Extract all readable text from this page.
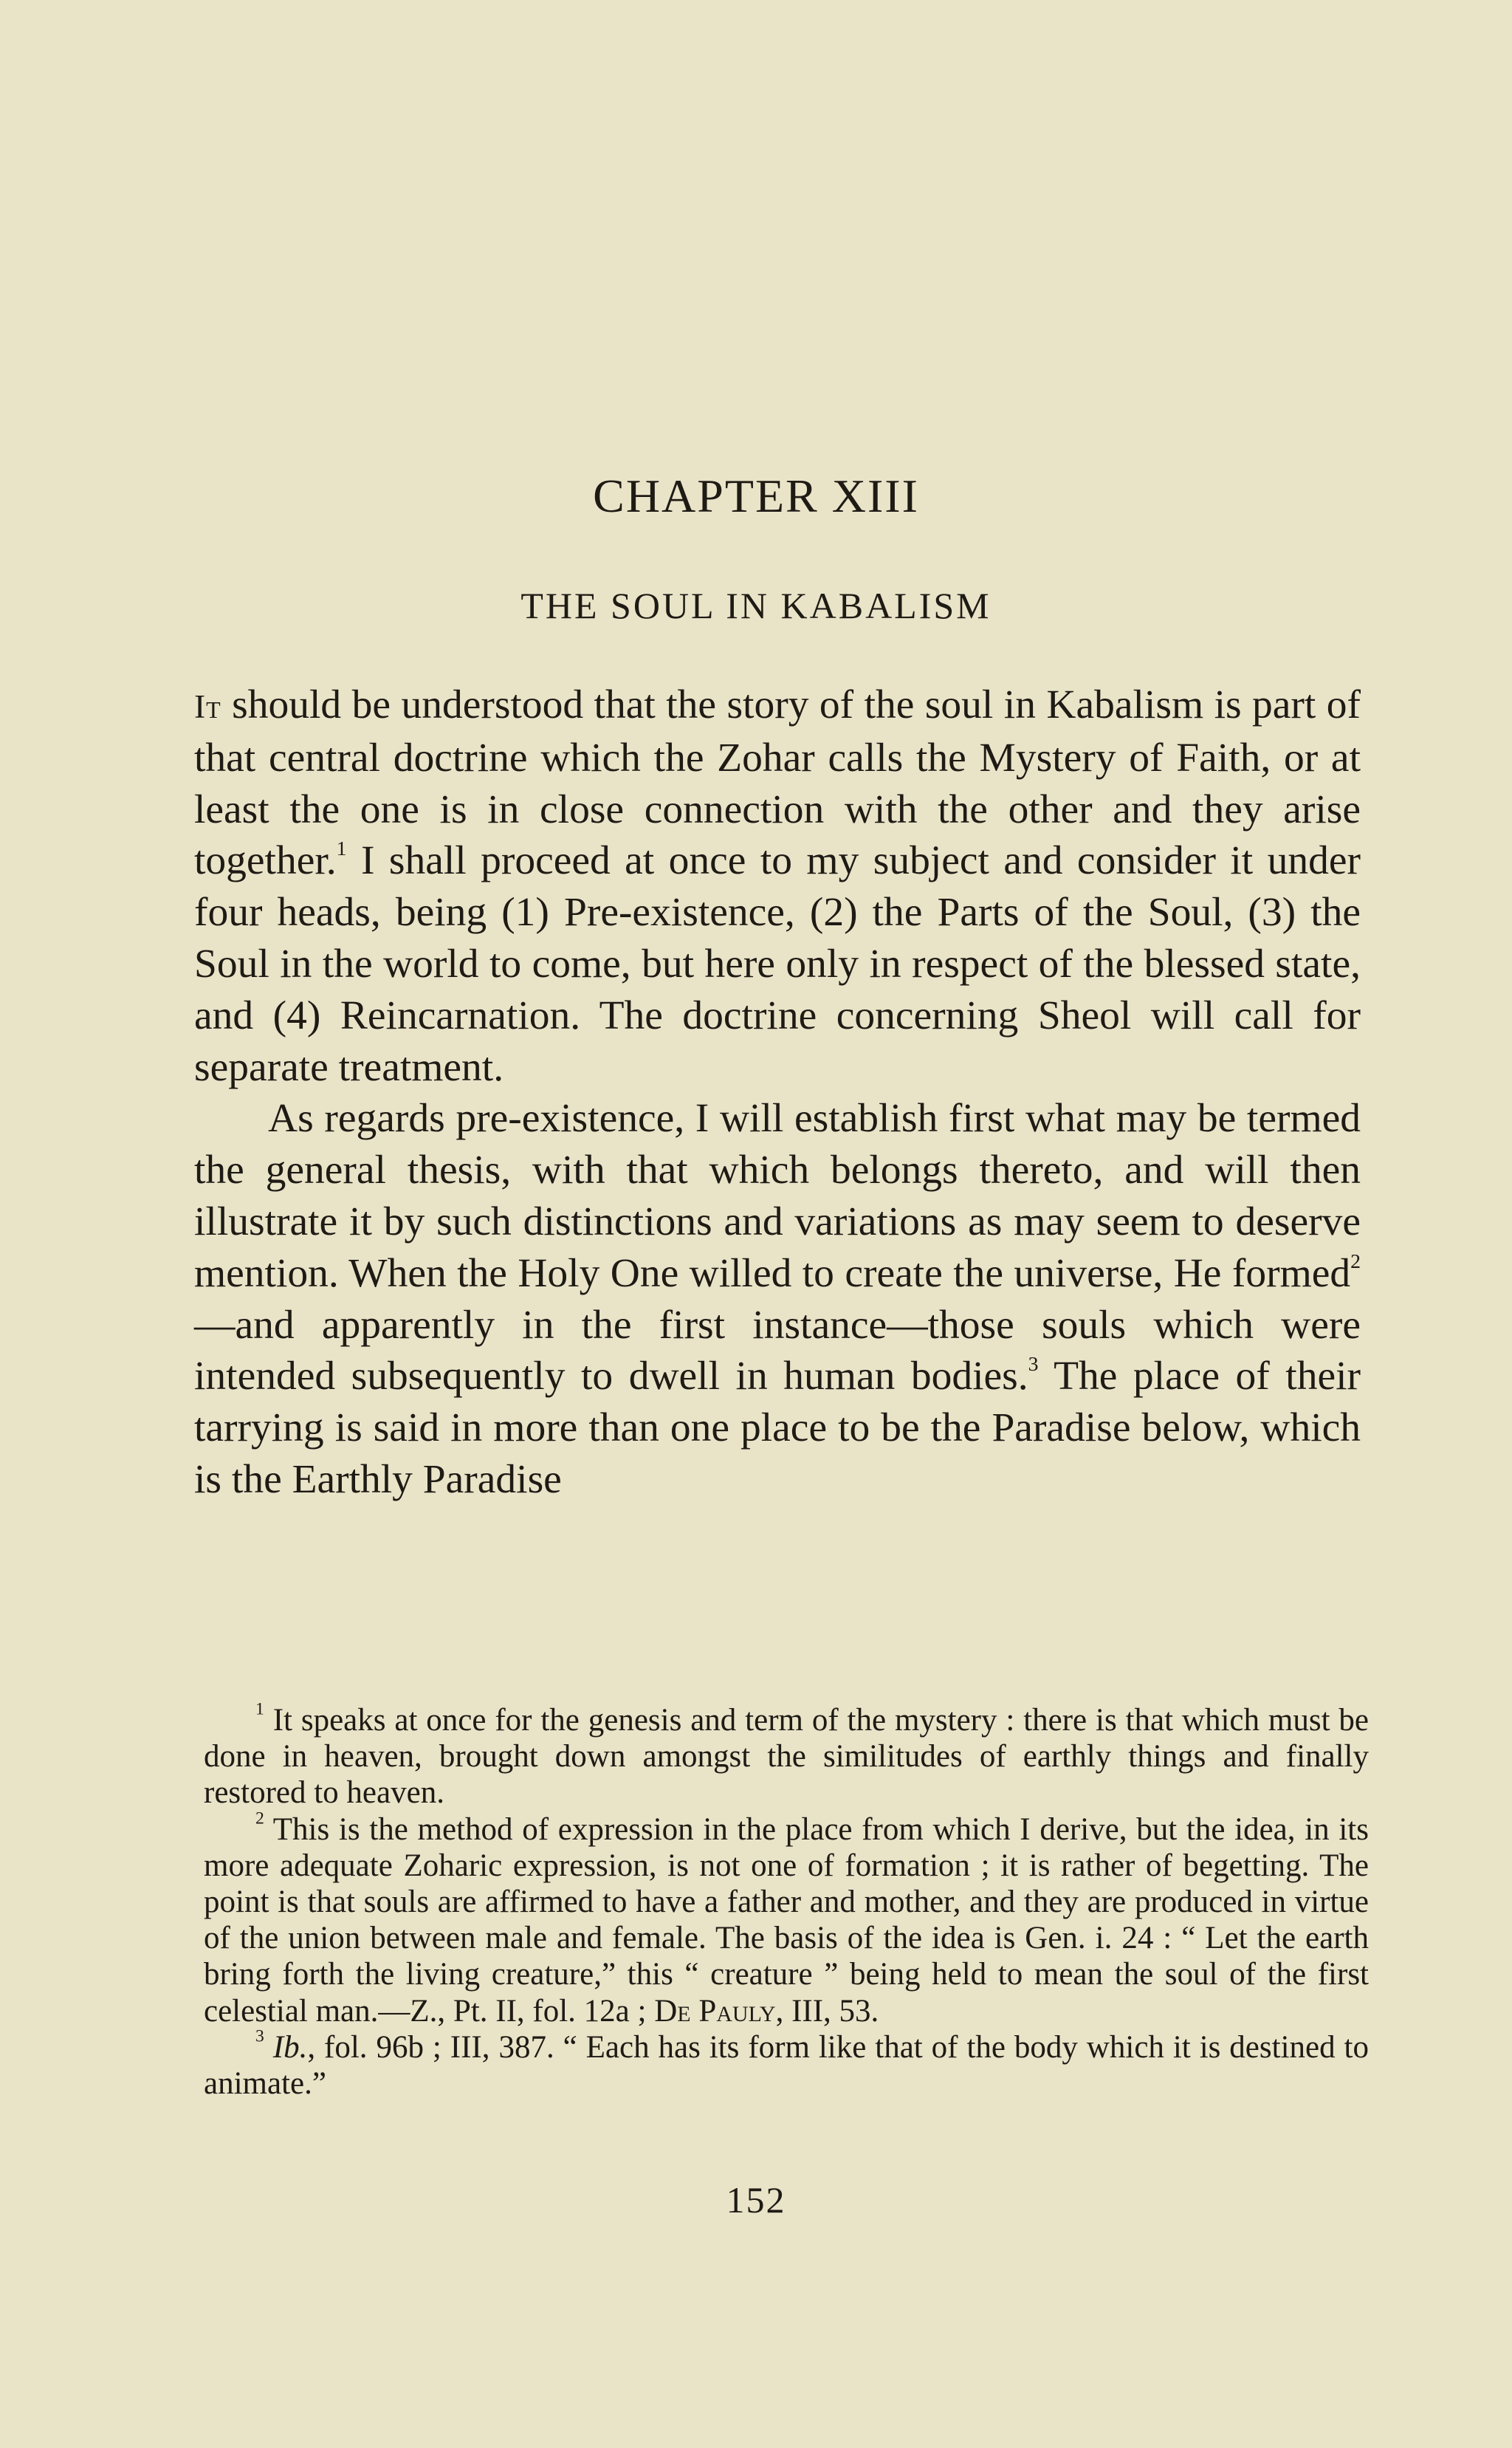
CHAPTER XIII
THE SOUL IN KABALISM

It should be understood that the story of the soul in Kabalism is part of that central doctrine which the Zohar calls the Mystery of Faith, or at least the one is in close connection with the other and they arise together.$^1$ I shall proceed at once to my subject and consider it under four heads, being (1) Pre-existence, (2) the Parts of the Soul, (3) the Soul in the world to come, but here only in respect of the blessed state, and (4) Reincarnation. The doctrine concerning Sheol will call for separate treatment.

As regards pre-existence, I will establish first what may be termed the general thesis, with that which belongs thereto, and will then illustrate it by such distinctions and variations as may seem to deserve mention. When the Holy One willed to create the universe, He formed$^2$—and apparently in the first instance—those souls which were intended subsequently to dwell in human bodies.$^3$ The place of their tarrying is said in more than one place to be the Paradise below, which is the Earthly Paradise

$^1$ It speaks at once for the genesis and term of the mystery : there is that which must be done in heaven, brought down amongst the similitudes of earthly things and finally restored to heaven.

$^2$ This is the method of expression in the place from which I derive, but the idea, in its more adequate Zoharic expression, is not one of formation ; it is rather of begetting. The point is that souls are affirmed to have a father and mother, and they are produced in virtue of the union between male and female. The basis of the idea is Gen. i. 24 : “ Let the earth bring forth the living creature,” this “ creature ” being held to mean the soul of the first celestial man.—Z., Pt. II, fol. 12a ; De Pauly, III, 53.

$^3$ Ib., fol. 96b ; III, 387. “ Each has its form like that of the body which it is destined to animate.”

152
